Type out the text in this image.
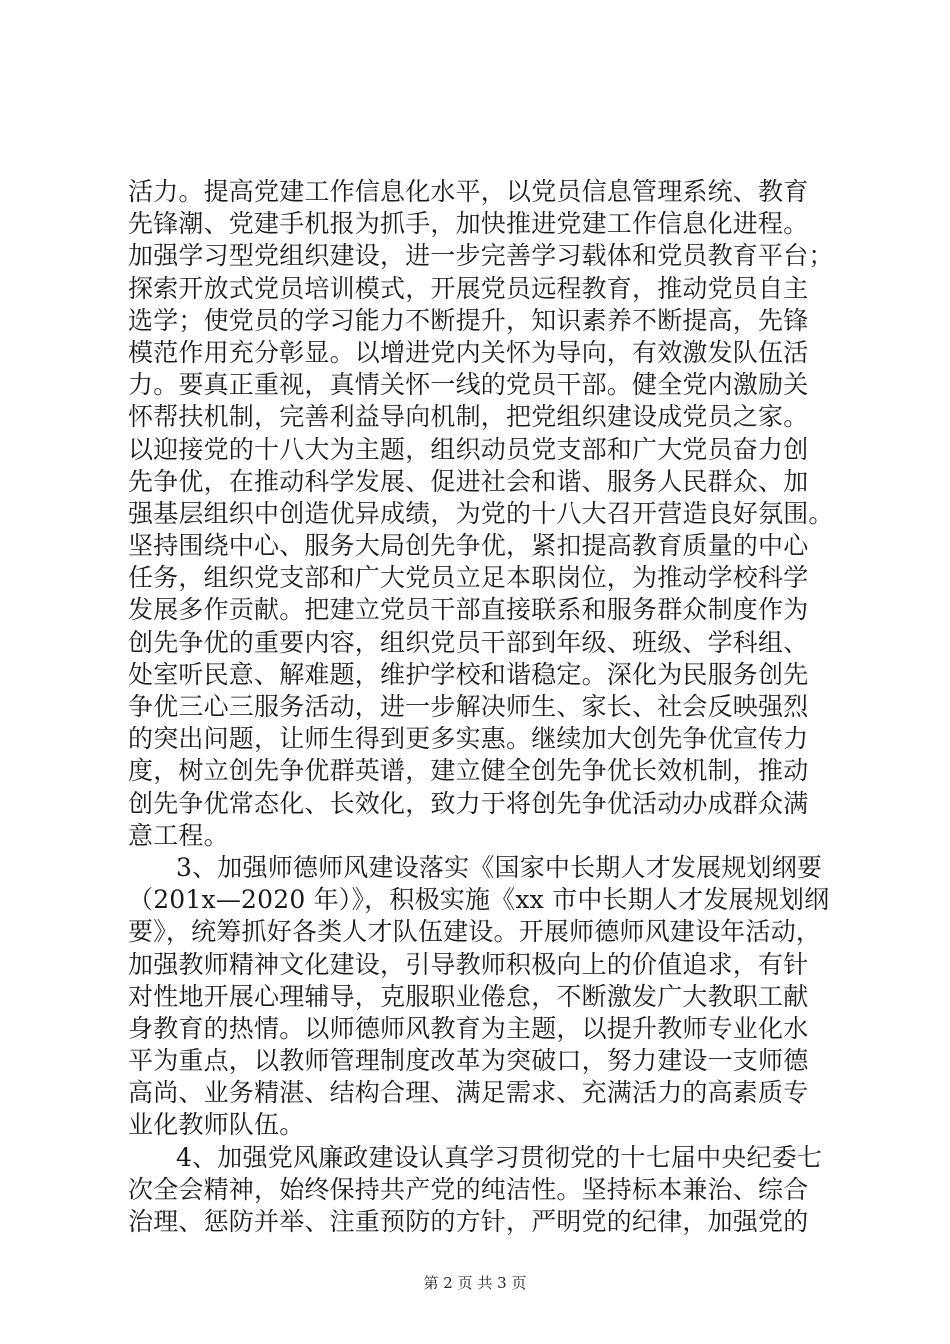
活力。提高党建工作信息化水平，以党员信息管理系统、教育
先锋潮、党建手机报为抓手，加快推进党建工作信息化进程。
加强学习型党组织建设，进一步完善学习载体和党员教育平台；
探索开放式党员培训模式，开展党员远程教育，推动党员自主
选学；使党员的学习能力不断提升，知识素养不断提高，先锋
模范作用充分彰显。以增进党内关怀为导向，有效激发队伍活
力。要真正重视，真情关怀一线的党员干部。健全党内激励关
怀帮扶机制，完善利益导向机制，把党组织建设成党员之家。
以迎接党的十八大为主题，组织动员党支部和广大党员奋力创
先争优，在推动科学发展、促进社会和谐、服务人民群众、加
强基层组织中创造优异成绩，为党的十八大召开营造良好氛围。
坚持围绕中心、服务大局创先争优，紧扣提高教育质量的中心
任务，组织党支部和广大党员立足本职岗位，为推动学校科学
发展多作贡献。把建立党员干部直接联系和服务群众制度作为
创先争优的重要内容，组织党员干部到年级、班级、学科组、
处室听民意、解难题，维护学校和谐稳定。深化为民服务创先
争优三心三服务活动，进一步解决师生、家长、社会反映强烈
的突出问题，让师生得到更多实惠。继续加大创先争优宣传力
度，树立创先争优群英谱，建立健全创先争优长效机制，推动
创先争优常态化、长效化，致力于将创先争优活动办成群众满
意工程。
3、加强师德师风建设落实《国家中长期人才发展规划纲要
（201x—2020 年）》，积极实施《xx 市中长期人才发展规划纲
要》，统筹抓好各类人才队伍建设。开展师德师风建设年活动，
加强教师精神文化建设，引导教师积极向上的价值追求，有针
对性地开展心理辅导，克服职业倦怠，不断激发广大教职工献
身教育的热情。以师德师风教育为主题，以提升教师专业化水
平为重点，以教师管理制度改革为突破口，努力建设一支师德
高尚、业务精湛、结构合理、满足需求、充满活力的高素质专
业化教师队伍。
4、加强党风廉政建设认真学习贯彻党的十七届中央纪委七
次全会精神，始终保持共产党的纯洁性。坚持标本兼治、综合
治理、惩防并举、注重预防的方针，严明党的纪律，加强党的
第 2 页 共 3 页
